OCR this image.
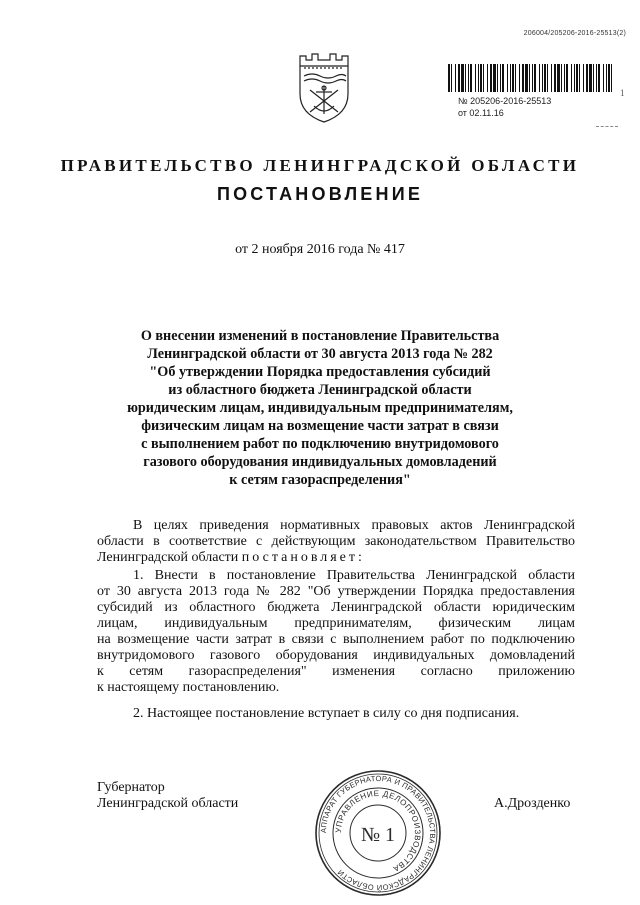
206004/205206-2016-25513(2)
№ 205206-2016-25513
от 02.11.16
1
ПРАВИТЕЛЬСТВО ЛЕНИНГРАДСКОЙ ОБЛАСТИ
ПОСТАНОВЛЕНИЕ
от 2 ноября 2016 года № 417
О внесении изменений в постановление Правительства
Ленинградской области от 30 августа 2013 года № 282
"Об утверждении Порядка предоставления субсидий
из областного бюджета Ленинградской области
юридическим лицам, индивидуальным предпринимателям,
физическим лицам на возмещение части затрат в связи
с выполнением работ по подключению внутридомового
газового оборудования индивидуальных домовладений
к сетям газораспределения"
В целях приведения нормативных правовых актов Ленинградской
области в соответствие с действующим законодательством Правительство
Ленинградской области постановляет:
1. Внести в постановление Правительства Ленинградской области
от 30 августа 2013 года № 282 "Об утверждении Порядка предоставления
субсидий из областного бюджета Ленинградской области юридическим
лицам, индивидуальным предпринимателям, физическим лицам
на возмещение части затрат в связи с выполнением работ по подключению
внутридомового газового оборудования индивидуальных домовладений
к сетям газораспределения" изменения согласно приложению
к настоящему постановлению.
2. Настоящее постановление вступает в силу со дня подписания.
Губернатор
Ленинградской области	А.Дрозденко
АППАРАТ ГУБЕРНАТОРА И ПРАВИТЕЛЬСТВА ЛЕНИНГРАДСКОЙ ОБЛАСТИ
УПРАВЛЕНИЕ ДЕЛОПРОИЗВОДСТВА
№ 1
